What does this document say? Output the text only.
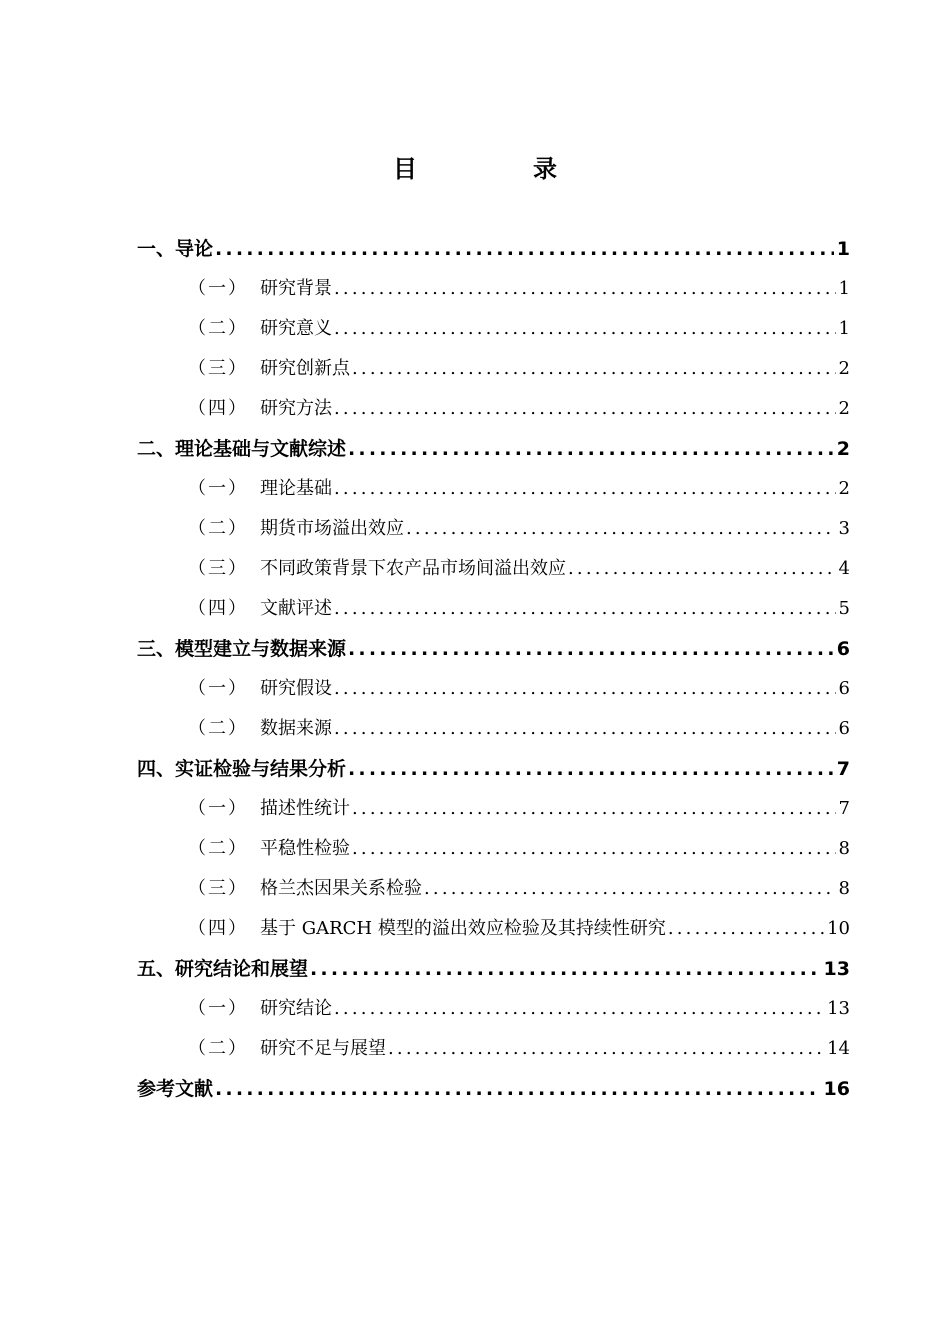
目　录
一、导论 .....	1
（一） 研究背景 .....	1
（二） 研究意义 .....	1
（三） 研究创新点 .....	2
（四） 研究方法 .....	2
二、理论基础与文献综述 .....	2
（一） 理论基础 .....	2
（二） 期货市场溢出效应 .....	3
（三） 不同政策背景下农产品市场间溢出效应 .....	4
（四） 文献评述 .....	5
三、模型建立与数据来源 .....	6
（一） 研究假设 .....	6
（二） 数据来源 .....	6
四、实证检验与结果分析 .....	7
（一） 描述性统计 .....	7
（二） 平稳性检验 .....	8
（三） 格兰杰因果关系检验 .....	8
（四） 基于 GARCH 模型的溢出效应检验及其持续性研究 .....	10
五、研究结论和展望 .....	13
（一） 研究结论 .....	13
（二） 研究不足与展望 .....	14
参考文献 .....	16
